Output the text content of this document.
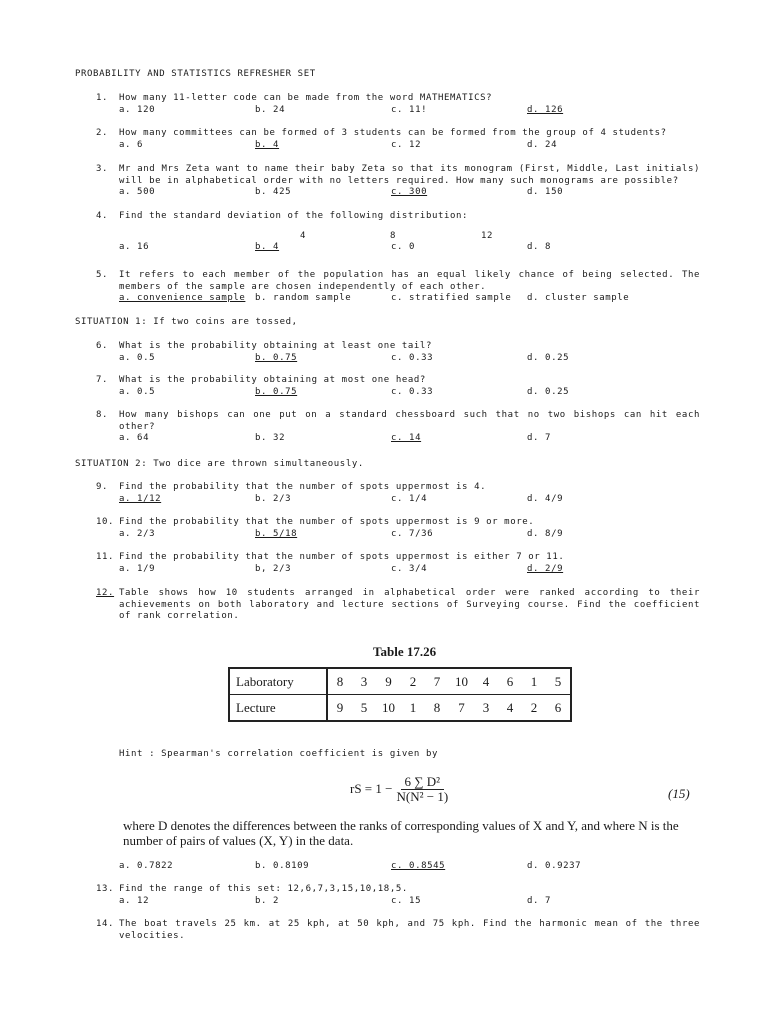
PROBABILITY AND STATISTICS REFRESHER SET
1. How many 11-letter code can be made from the word MATHEMATICS?
a. 120	b. 24	c. 11!	d. 126
2. How many committees can be formed of 3 students can be formed from the group of 4 students?
a. 6	b. 4	c. 12	d. 24
3. Mr and Mrs Zeta want to name their baby Zeta so that its monogram (First, Middle, Last initials) will be in alphabetical order with no letters required. How many such monograms are possible?
a. 500	b. 425	c. 300	d. 150
4. Find the standard deviation of the following distribution:
4	8	12
a. 16	b. 4	c. 0	d. 8
5. It refers to each member of the population has an equal likely chance of being selected. The members of the sample are chosen independently of each other.
a. convenience sample b. random sample	c. stratified sample d. cluster sample
SITUATION 1: If two coins are tossed,
6. What is the probability obtaining at least one tail?
a. 0.5	b. 0.75	c. 0.33	d. 0.25
7. What is the probability obtaining at most one head?
a. 0.5	b. 0.75	c. 0.33	d. 0.25
8. How many bishops can one put on a standard chessboard such that no two bishops can hit each other?
a. 64	b. 32	c. 14	d. 7
SITUATION 2: Two dice are thrown simultaneously.
9. Find the probability that the number of spots uppermost is 4.
a. 1/12	b. 2/3	c. 1/4	d. 4/9
10. Find the probability that the number of spots uppermost is 9 or more.
a. 2/3	b. 5/18	c. 7/36	d. 8/9
11. Find the probability that the number of spots uppermost is either 7 or 11.
a. 1/9	b, 2/3	c. 3/4	d. 2/9
12. Table shows how 10 students arranged in alphabetical order were ranked according to their achievements on both laboratory and lecture sections of Surveying course. Find the coefficient of rank correlation.
Table 17.26
Laboratory	8	3	9	2	7	10	4	6	1	5
Lecture	9	5	10	1	8	7	3	4	2	6
Hint : Spearman's correlation coefficient is given by
rS = $1 - \frac{\text{6 ∑ D²}}{\text{N(N² − 1)}}$	(15)
where D denotes the differences between the ranks of corresponding values of X and Y, and where N is the number of pairs of values (X, Y) in the data.
a. 0.7822	b. 0.8109	c. 0.8545	d. 0.9237
13. Find the range of this set: 12,6,7,3,15,10,18,5.
a. 12	b. 2	c. 15	d. 7
14. The boat travels 25 km. at 25 kph, at 50 kph, and 75 kph. Find the harmonic mean of the three velocities.
